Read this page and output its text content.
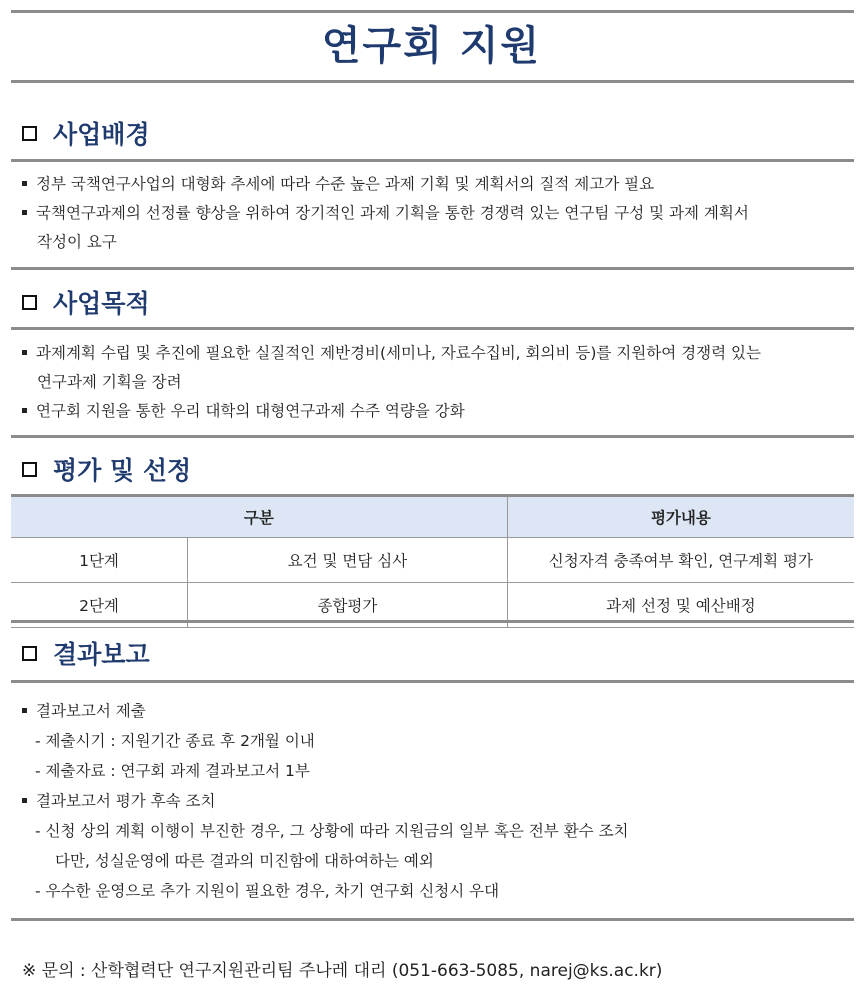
연구회 지원
사업배경
정부 국책연구사업의 대형화 추세에 따라 수준 높은 과제 기획 및 계획서의 질적 제고가 필요
국책연구과제의 선정률 향상을 위하여 장기적인 과제 기획을 통한 경쟁력 있는 연구팀 구성 및 과제 계획서
작성이 요구
사업목적
과제계획 수립 및 추진에 필요한 실질적인 제반경비(세미나, 자료수집비, 회의비 등)를 지원하여 경쟁력 있는
연구과제 기획을 장려
연구회 지원을 통한 우리 대학의 대형연구과제 수주 역량을 강화
평가 및 선정
구분		평가내용
1단계	요건 및 면담 심사	신청자격 충족여부 확인, 연구계획 평가
2단계	종합평가	과제 선정 및 예산배정
결과보고
결과보고서 제출
- 제출시기 : 지원기간 종료 후 2개월 이내
- 제출자료 : 연구회 과제 결과보고서 1부
결과보고서 평가 후속 조치
- 신청 상의 계획 이행이 부진한 경우, 그 상황에 따라 지원금의 일부 혹은 전부 환수 조치
다만, 성실운영에 따른 결과의 미진함에 대하여하는 예외
- 우수한 운영으로 추가 지원이 필요한 경우, 차기 연구회 신청시 우대
※ 문의 : 산학협력단 연구지원관리팀 주나레 대리 (051-663-5085, narej@ks.ac.kr)
